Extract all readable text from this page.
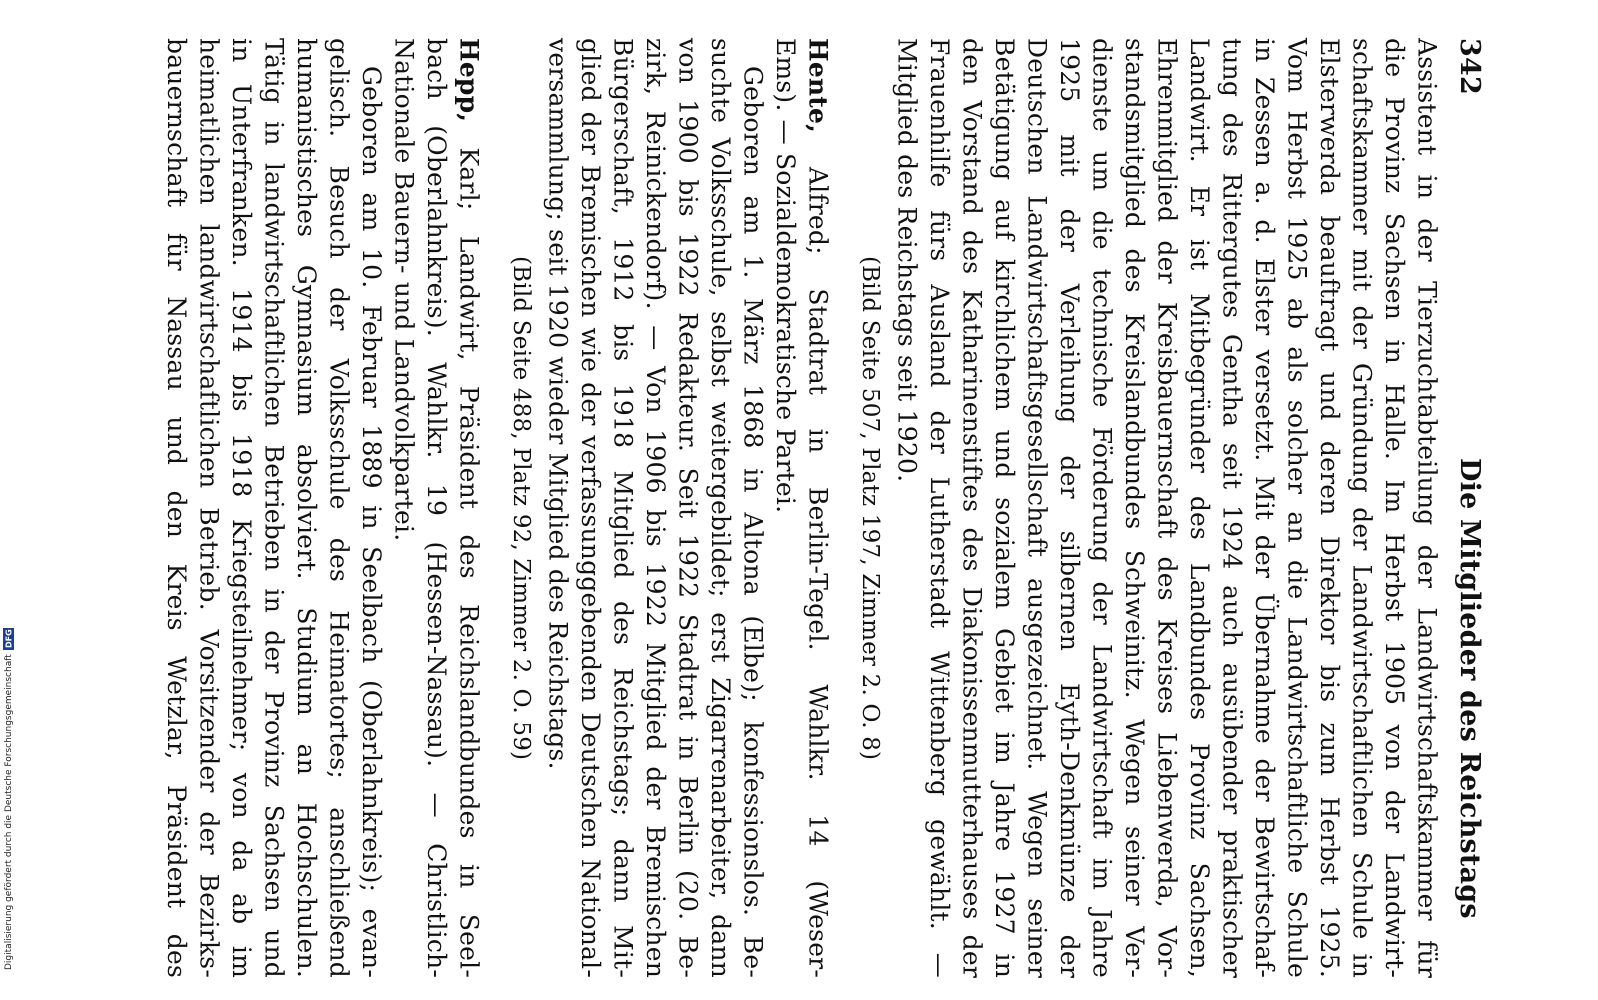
Digitalisierung gefördert durch die Deutsche Forschungsgemeinschaft
DFG
342
Die Mitglieder des Reichstags
Assistent in der Tierzuchtabteilung der Landwirtschaftskammer für
die Provinz Sachsen in Halle. Im Herbst 1905 von der Landwirt-
schaftskammer mit der Gründung der Landwirtschaftlichen Schule in
Elsterwerda beauftragt und deren Direktor bis zum Herbst 1925.
Vom Herbst 1925 ab als solcher an die Landwirtschaftliche Schule
in Zessen a. d. Elster versetzt. Mit der Übernahme der Bewirtschaf-
tung des Rittergutes Gentha seit 1924 auch ausübender praktischer
Landwirt. Er ist Mitbegründer des Landbundes Provinz Sachsen,
Ehrenmitglied der Kreisbauernschaft des Kreises Liebenwerda, Vor-
standsmitglied des Kreislandbundes Schweinitz. Wegen seiner Ver-
dienste um die technische Förderung der Landwirtschaft im Jahre
1925 mit der Verleihung der silbernen Eyth-Denkmünze der
Deutschen Landwirtschaftsgesellschaft ausgezeichnet. Wegen seiner
Betätigung auf kirchlichem und sozialem Gebiet im Jahre 1927 in
den Vorstand des Katharinenstiftes des Diakonissenmutterhauses der
Frauenhilfe fürs Ausland der Lutherstadt Wittenberg gewählt. —
Mitglied des Reichstags seit 1920.
(Bild Seite 507, Platz 197, Zimmer 2. O. 8)
Hente, Alfred; Stadtrat in Berlin-Tegel. Wahlkr. 14 (Weser-
Ems). — Sozialdemokratische Partei.
Geboren am 1. März 1868 in Altona (Elbe); konfessionslos. Be-
suchte Volksschule, selbst weitergebildet; erst Zigarrenarbeiter, dann
von 1900 bis 1922 Redakteur. Seit 1922 Stadtrat in Berlin (20. Be-
zirk, Reinickendorf). — Von 1906 bis 1922 Mitglied der Bremischen
Bürgerschaft, 1912 bis 1918 Mitglied des Reichstags; dann Mit-
glied der Bremischen wie der verfassunggebenden Deutschen National-
versammlung; seit 1920 wieder Mitglied des Reichstags.
(Bild Seite 488, Platz 92, Zimmer 2. O. 59)
Hepp, Karl; Landwirt, Präsident des Reichslandbundes in Seel-
bach (Oberlahnkreis). Wahlkr. 19 (Hessen-Nassau). — Christlich-
Nationale Bauern- und Landvolkpartei.
Geboren am 10. Februar 1889 in Seelbach (Oberlahnkreis); evan-
gelisch. Besuch der Volksschule des Heimatortes; anschließend
humanistisches Gymnasium absolviert. Studium an Hochschulen.
Tätig in landwirtschaftlichen Betrieben in der Provinz Sachsen und
in Unterfranken. 1914 bis 1918 Kriegsteilnehmer; von da ab im
heimatlichen landwirtschaftlichen Betrieb. Vorsitzender der Bezirks-
bauernschaft für Nassau und den Kreis Wetzlar, Präsident des
